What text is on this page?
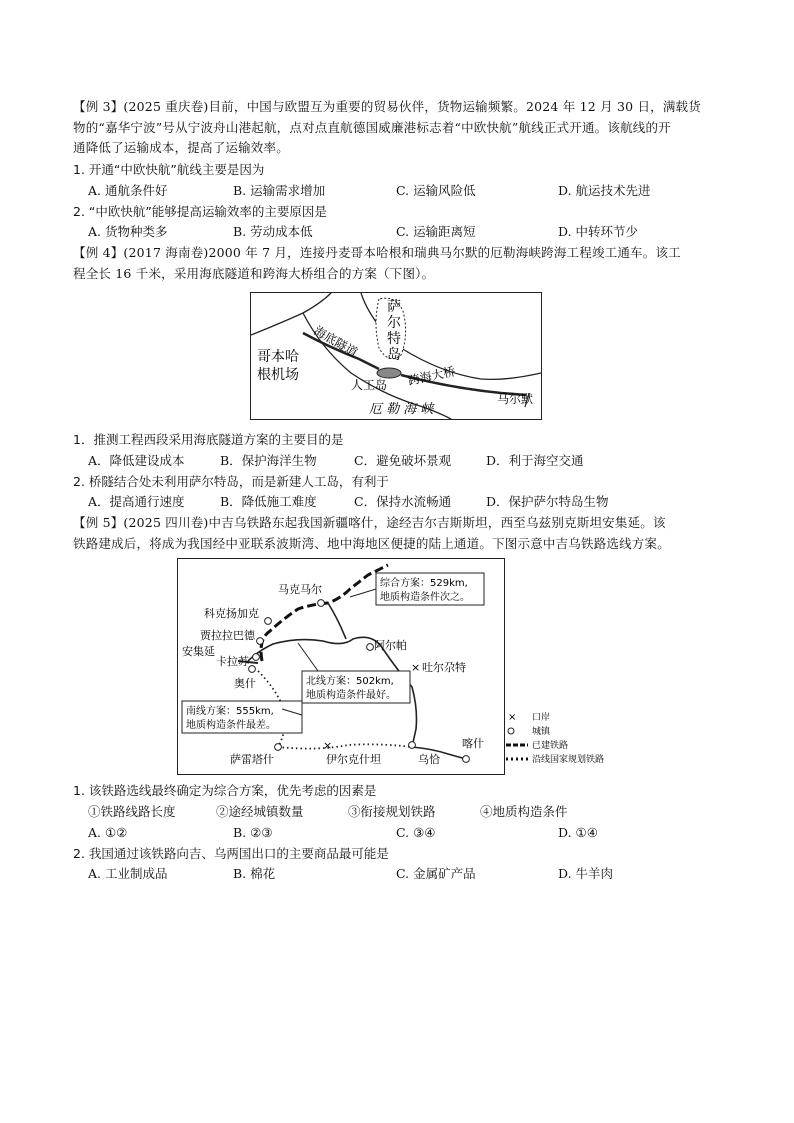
【例 3】(2025 重庆卷)目前，中国与欧盟互为重要的贸易伙伴，货物运输频繁。2024 年 12 月 30 日，满载货
物的“嘉华宁波”号从宁波舟山港起航，点对点直航德国威廉港标志着“中欧快航”航线正式开通。该航线的开
通降低了运输成本，提高了运输效率。
1. 开通“中欧快航”航线主要是因为
A. 通航条件好	B. 运输需求增加	C. 运输风险低	D. 航运技术先进
2. “中欧快航”能够提高运输效率的主要原因是
A. 货物种类多	B. 劳动成本低	C. 运输距离短	D. 中转环节少
【例 4】(2017 海南卷)2000 年 7 月，连接丹麦哥本哈根和瑞典马尔默的厄勒海峡跨海工程竣工通车。该工
程全长 16 千米，采用海底隧道和跨海大桥组合的方案（下图）。
萨
尔
特
岛
哥本哈
根机场
海底隧道
人工岛 跨海大桥
马尔默
厄 勒 海 峡
1．推测工程西段采用海底隧道方案的主要目的是
A．降低建设成本	B．保护海洋生物	C．避免破坏景观	D．利于海空交通
2. 桥隧结合处未利用萨尔特岛，而是新建人工岛，有利于
A．提高通行速度	B．降低施工难度	C．保持水流畅通	D．保护萨尔特岛生物
【例 5】(2025 四川卷)中吉乌铁路东起我国新疆喀什，途经吉尔吉斯斯坦，西至乌兹别克斯坦安集延。该
铁路建成后，将成为我国经中亚联系波斯湾、地中海地区便捷的陆上通道。下图示意中吉乌铁路选线方案。
×
×
马克马尔
科克扬加克
贾拉拉巴德
安集延
卡拉苏
奥什
阿尔帕
吐尔尕特
萨雷塔什	伊尔克什坦	乌恰
喀什
综合方案：529km,
地质构造条件次之。
北线方案：502km,
地质构造条件最好。
南线方案：555km,
地质构造条件最差。
× 口岸
城镇
已建铁路
沿线国家规划铁路
1. 该铁路选线最终确定为综合方案，优先考虑的因素是
①铁路线路长度	②途经城镇数量	③衔接规划铁路	④地质构造条件
A. ①②	B. ②③	C. ③④	D. ①④
2. 我国通过该铁路向吉、乌两国出口的主要商品最可能是
A. 工业制成品	B. 棉花	C. 金属矿产品	D. 牛羊肉
